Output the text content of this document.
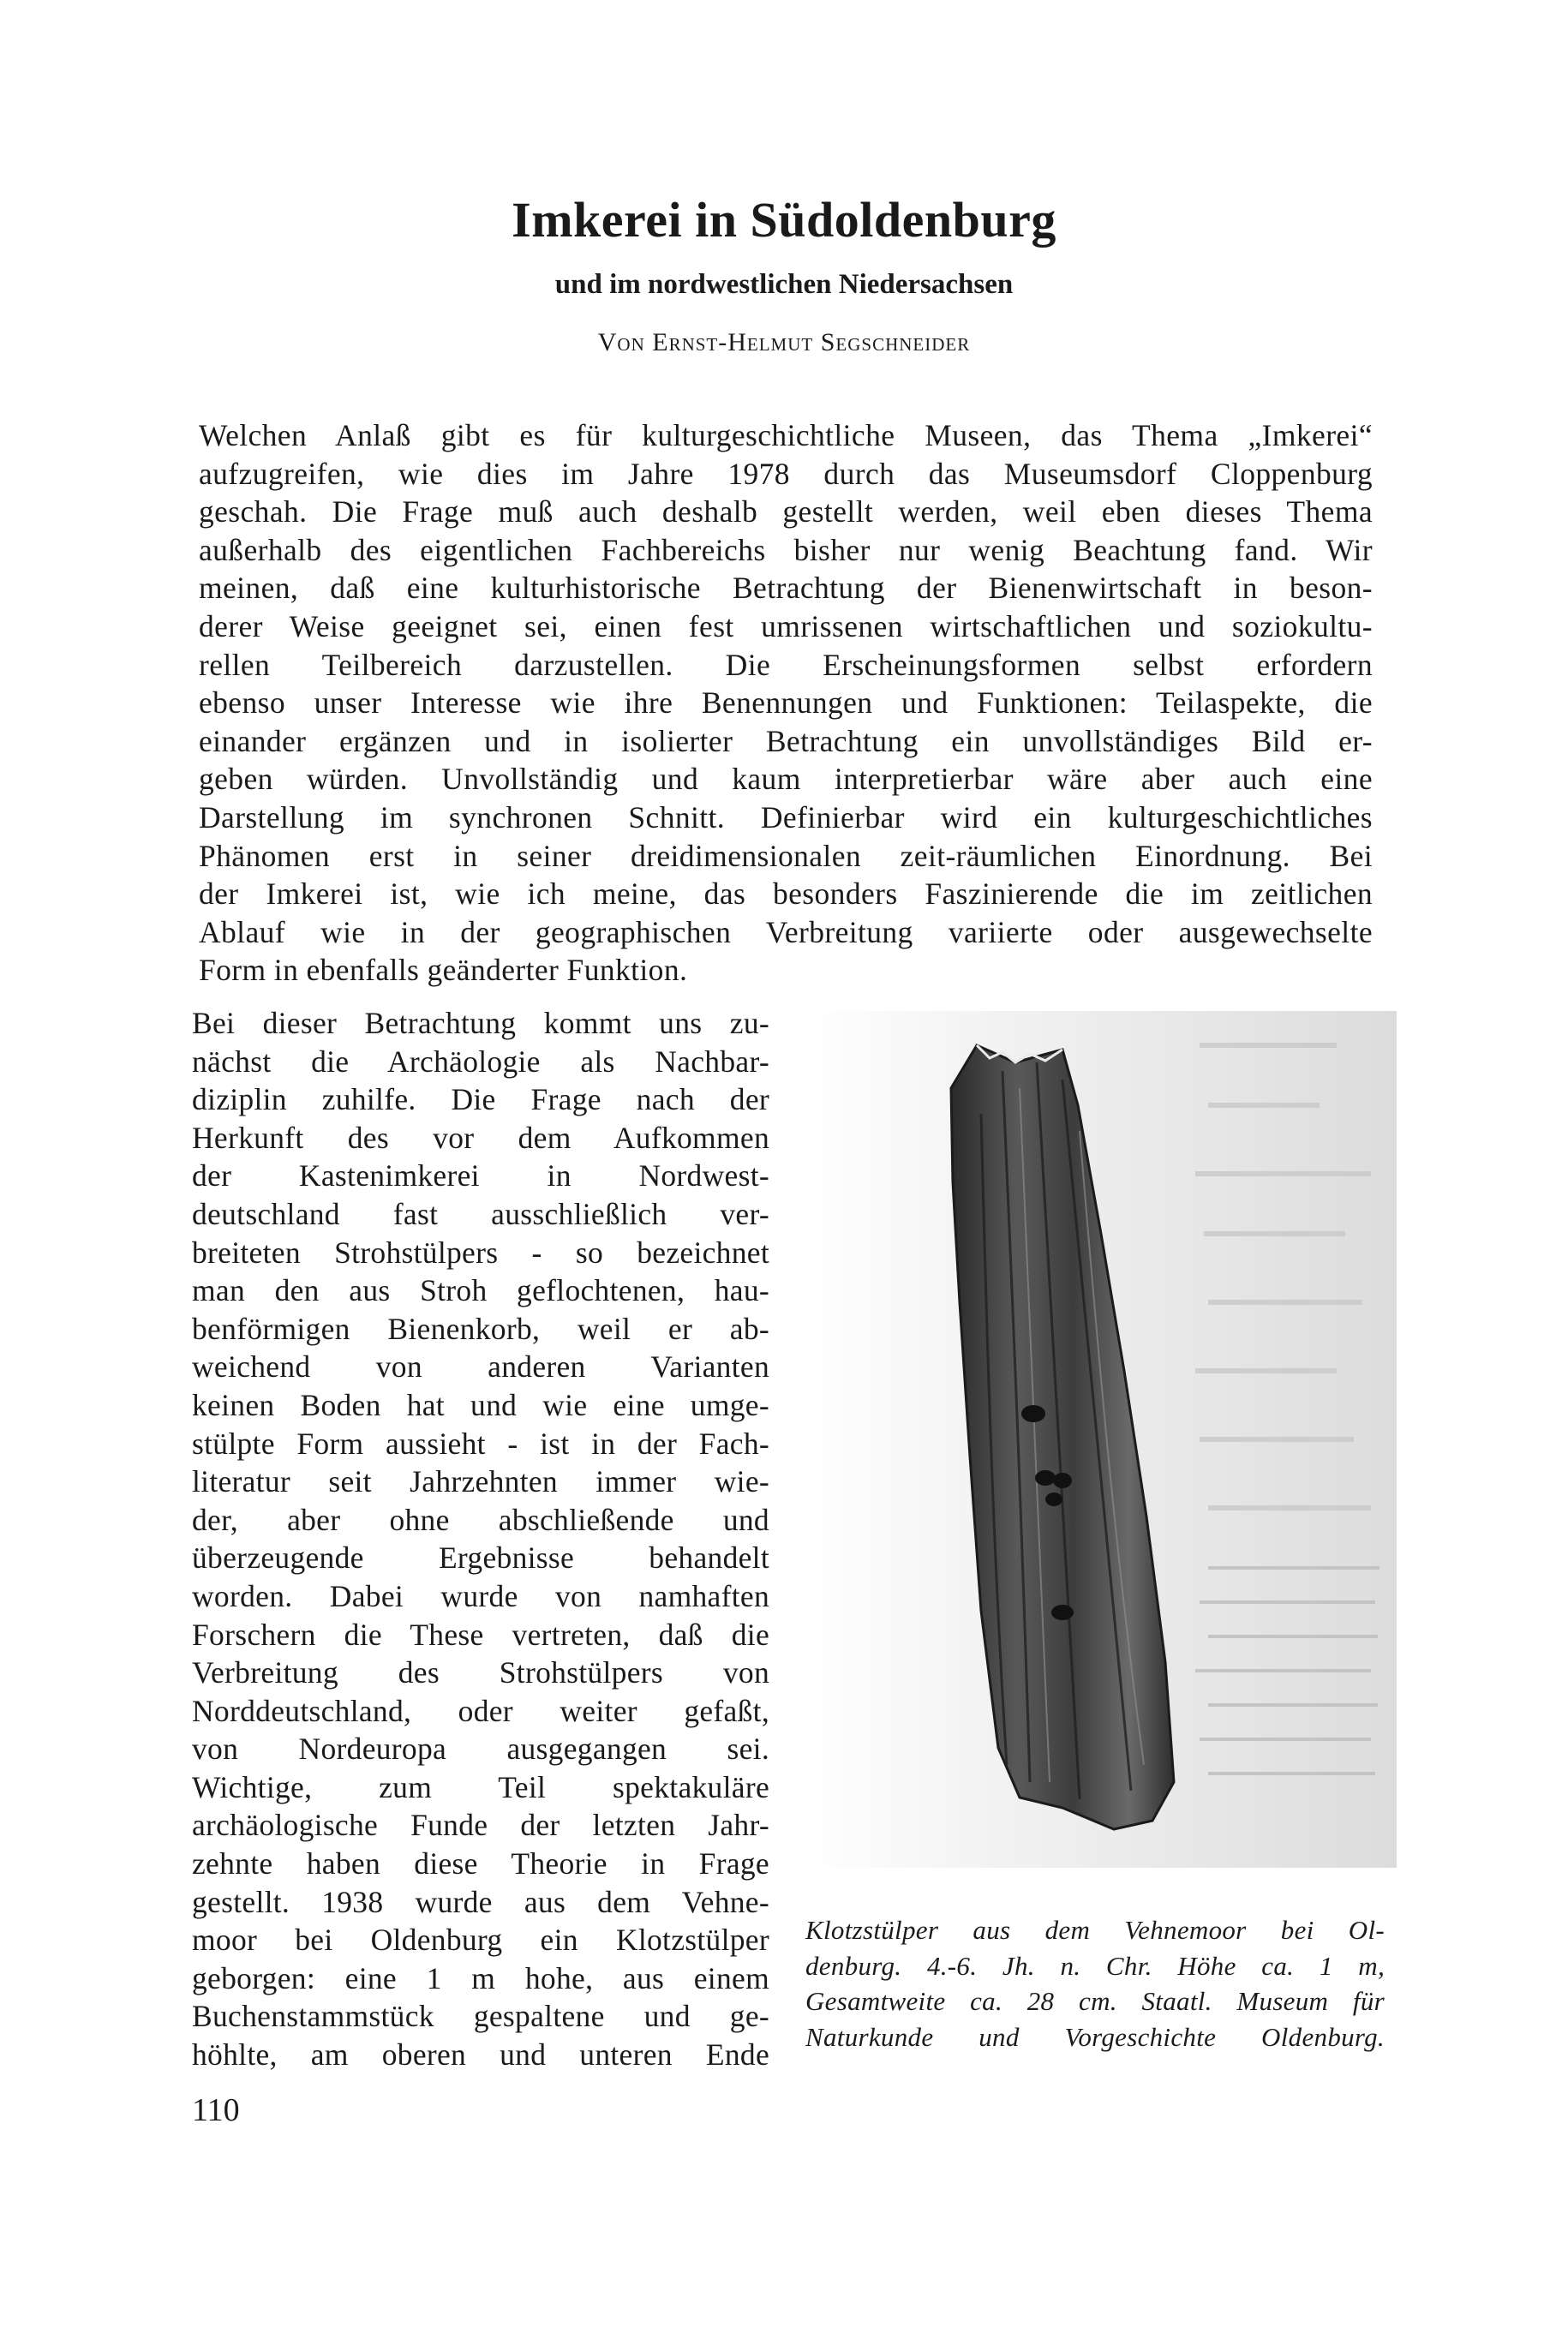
Imkerei in Südoldenburg
und im nordwestlichen Niedersachsen

Von Ernst-Helmut Segschneider

Welchen Anlaß gibt es für kulturgeschichtliche Museen, das Thema „Imkerei“
aufzugreifen, wie dies im Jahre 1978 durch das Museumsdorf Cloppenburg
geschah. Die Frage muß auch deshalb gestellt werden, weil eben dieses Thema
außerhalb des eigentlichen Fachbereichs bisher nur wenig Beachtung fand. Wir
meinen, daß eine kulturhistorische Betrachtung der Bienenwirtschaft in beson-
derer Weise geeignet sei, einen fest umrissenen wirtschaftlichen und soziokultu-
rellen Teilbereich darzustellen. Die Erscheinungsformen selbst erfordern
ebenso unser Interesse wie ihre Benennungen und Funktionen: Teilaspekte, die
einander ergänzen und in isolierter Betrachtung ein unvollständiges Bild er-
geben würden. Unvollständig und kaum interpretierbar wäre aber auch eine
Darstellung im synchronen Schnitt. Definierbar wird ein kulturgeschichtliches
Phänomen erst in seiner dreidimensionalen zeit-räumlichen Einordnung. Bei
der Imkerei ist, wie ich meine, das besonders Faszinierende die im zeitlichen
Ablauf wie in der geographischen Verbreitung variierte oder ausgewechselte
Form in ebenfalls geänderter Funktion.

Bei dieser Betrachtung kommt uns zu-
nächst die Archäologie als Nachbar-
diziplin zuhilfe. Die Frage nach der
Herkunft des vor dem Aufkommen
der Kastenimkerei in Nordwest-
deutschland fast ausschließlich ver-
breiteten Strohstülpers - so bezeichnet
man den aus Stroh geflochtenen, hau-
benförmigen Bienenkorb, weil er ab-
weichend von anderen Varianten
keinen Boden hat und wie eine umge-
stülpte Form aussieht - ist in der Fach-
literatur seit Jahrzehnten immer wie-
der, aber ohne abschließende und
überzeugende Ergebnisse behandelt
worden. Dabei wurde von namhaften
Forschern die These vertreten, daß die
Verbreitung des Strohstülpers von
Norddeutschland, oder weiter gefaßt,
von Nordeuropa ausgegangen sei.
Wichtige, zum Teil spektakuläre
archäologische Funde der letzten Jahr-
zehnte haben diese Theorie in Frage
gestellt. 1938 wurde aus dem Vehne-
moor bei Oldenburg ein Klotzstülper
geborgen: eine 1 m hohe, aus einem
Buchenstammstück gespaltene und ge-
höhlte, am oberen und unteren Ende

Klotzstülper aus dem Vehnemoor bei Ol-
denburg. 4.-6. Jh. n. Chr. Höhe ca. 1 m,
Gesamtweite ca. 28 cm. Staatl. Museum für
Naturkunde und Vorgeschichte Oldenburg.

110
